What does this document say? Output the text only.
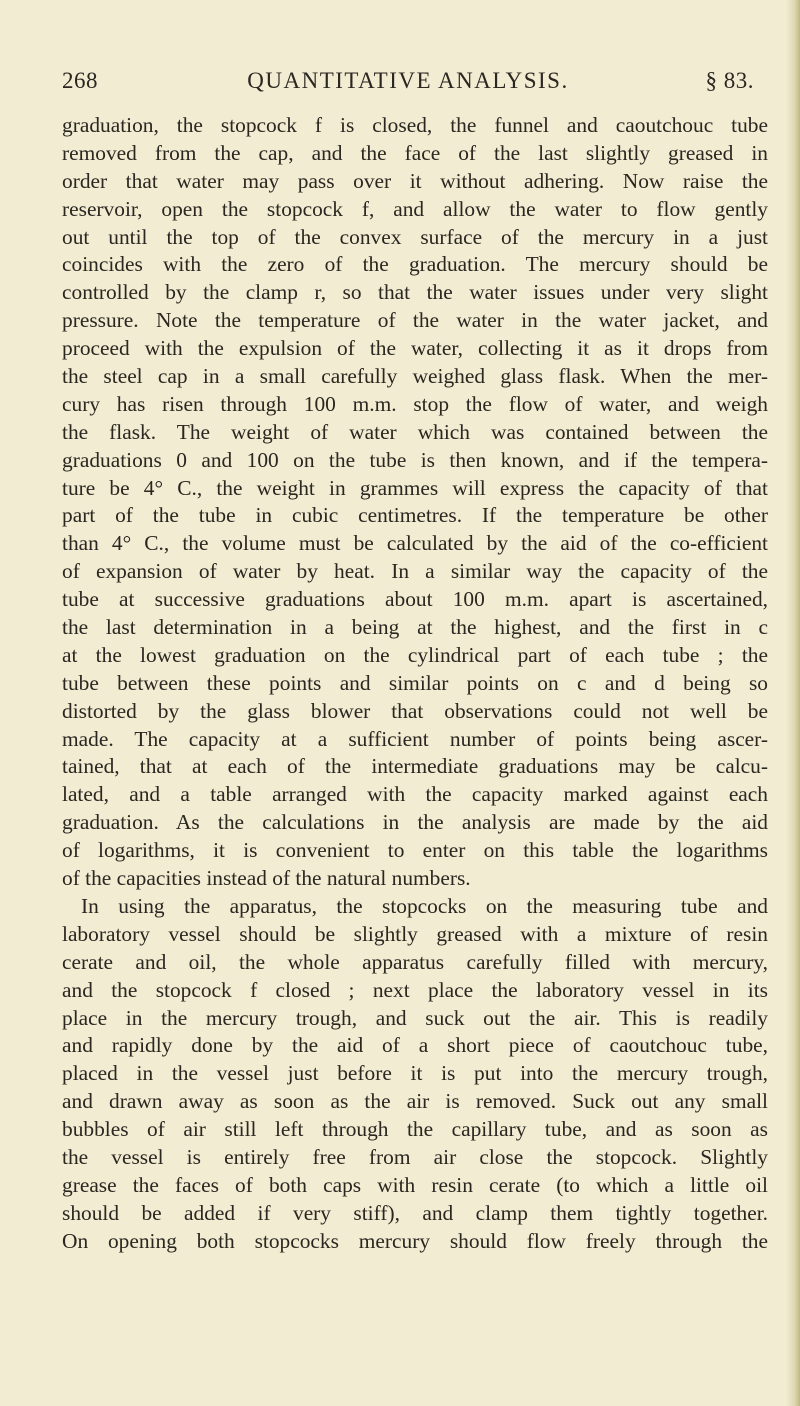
268	QUANTITATIVE ANALYSIS.	§ 83.
graduation, the stopcock f is closed, the funnel and caoutchouc tube
removed from the cap, and the face of the last slightly greased in
order that water may pass over it without adhering. Now raise the
reservoir, open the stopcock f, and allow the water to flow gently
out until the top of the convex surface of the mercury in a just
coincides with the zero of the graduation. The mercury should be
controlled by the clamp r, so that the water issues under very slight
pressure. Note the temperature of the water in the water jacket, and
proceed with the expulsion of the water, collecting it as it drops from
the steel cap in a small carefully weighed glass flask. When the mer-
cury has risen through 100 m.m. stop the flow of water, and weigh
the flask. The weight of water which was contained between the
graduations 0 and 100 on the tube is then known, and if the tempera-
ture be 4° C., the weight in grammes will express the capacity of that
part of the tube in cubic centimetres. If the temperature be other
than 4° C., the volume must be calculated by the aid of the co-efficient
of expansion of water by heat. In a similar way the capacity of the
tube at successive graduations about 100 m.m. apart is ascertained,
the last determination in a being at the highest, and the first in c
at the lowest graduation on the cylindrical part of each tube ; the
tube between these points and similar points on c and d being so
distorted by the glass blower that observations could not well be
made. The capacity at a sufficient number of points being ascer-
tained, that at each of the intermediate graduations may be calcu-
lated, and a table arranged with the capacity marked against each
graduation. As the calculations in the analysis are made by the aid
of logarithms, it is convenient to enter on this table the logarithms
of the capacities instead of the natural numbers.
In using the apparatus, the stopcocks on the measuring tube and
laboratory vessel should be slightly greased with a mixture of resin
cerate and oil, the whole apparatus carefully filled with mercury,
and the stopcock f closed ; next place the laboratory vessel in its
place in the mercury trough, and suck out the air. This is readily
and rapidly done by the aid of a short piece of caoutchouc tube,
placed in the vessel just before it is put into the mercury trough,
and drawn away as soon as the air is removed. Suck out any small
bubbles of air still left through the capillary tube, and as soon as
the vessel is entirely free from air close the stopcock. Slightly
grease the faces of both caps with resin cerate (to which a little oil
should be added if very stiff), and clamp them tightly together.
On opening both stopcocks mercury should flow freely through the
